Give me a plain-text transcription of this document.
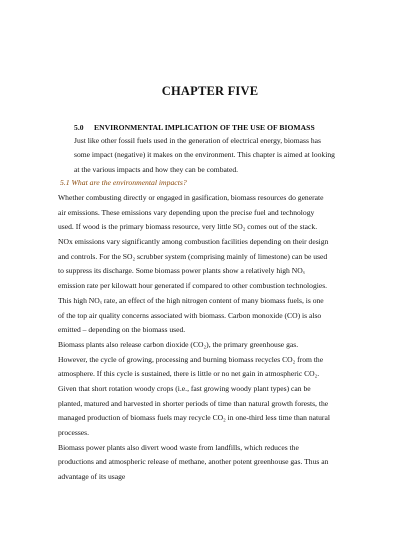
CHAPTER FIVE
5.0 ENVIRONMENTAL IMPLICATION OF THE USE OF BIOMASS
Just like other fossil fuels used in the generation of electrical energy, biomass has
some impact (negative) it makes on the environment. This chapter is aimed at looking
at the various impacts and how they can be combated.
5.1 What are the environmental impacts?
Whether combusting directly or engaged in gasification, biomass resources do generate
air emissions. These emissions vary depending upon the precise fuel and technology
used. If wood is the primary biomass resource, very little SO₂ comes out of the stack.
NOx emissions vary significantly among combustion facilities depending on their design
and controls. For the SO₂ scrubber system (comprising mainly of limestone) can be used
to suppress its discharge. Some biomass power plants show a relatively high NOₓ
emission rate per kilowatt hour generated if compared to other combustion technologies.
This high NOₓ rate, an effect of the high nitrogen content of many biomass fuels, is one
of the top air quality concerns associated with biomass. Carbon monoxide (CO) is also
emitted – depending on the biomass used.
Biomass plants also release carbon dioxide (CO₂), the primary greenhouse gas.
However, the cycle of growing, processing and burning biomass recycles CO₂ from the
atmosphere. If this cycle is sustained, there is little or no net gain in atmospheric CO₂.
Given that short rotation woody crops (i.e., fast growing woody plant types) can be
planted, matured and harvested in shorter periods of time than natural growth forests, the
managed production of biomass fuels may recycle CO₂ in one-third less time than natural
processes.
Biomass power plants also divert wood waste from landfills, which reduces the
productions and atmospheric release of methane, another potent greenhouse gas. Thus an
advantage of its usage
